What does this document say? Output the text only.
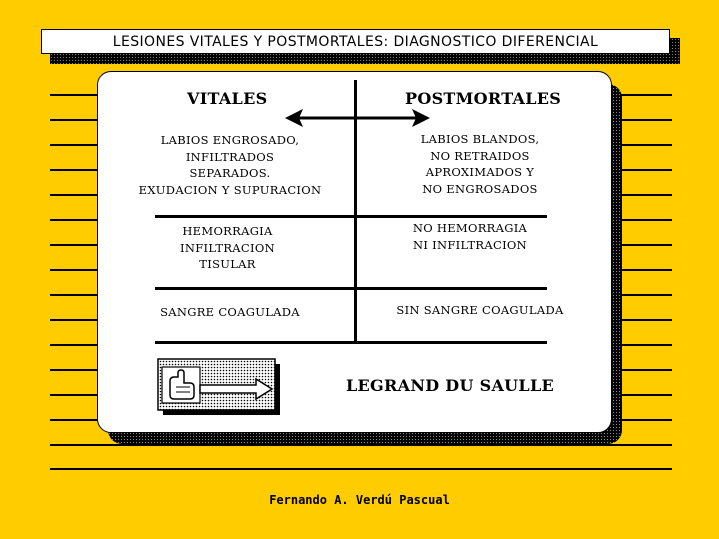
LESIONES VITALES Y POSTMORTALES: DIAGNOSTICO DIFERENCIAL
VITALES	POSTMORTALES
LABIOS ENGROSADO,
INFILTRADOS
SEPARADOS.
EXUDACION Y SUPURACION
LABIOS BLANDOS,
NO RETRAIDOS
APROXIMADOS Y
NO ENGROSADOS
HEMORRAGIA
INFILTRACION
TISULAR
NO HEMORRAGIA
NI INFILTRACION
SANGRE COAGULADA	SIN SANGRE COAGULADA
LEGRAND DU SAULLE
Fernando A. Verdú Pascual
